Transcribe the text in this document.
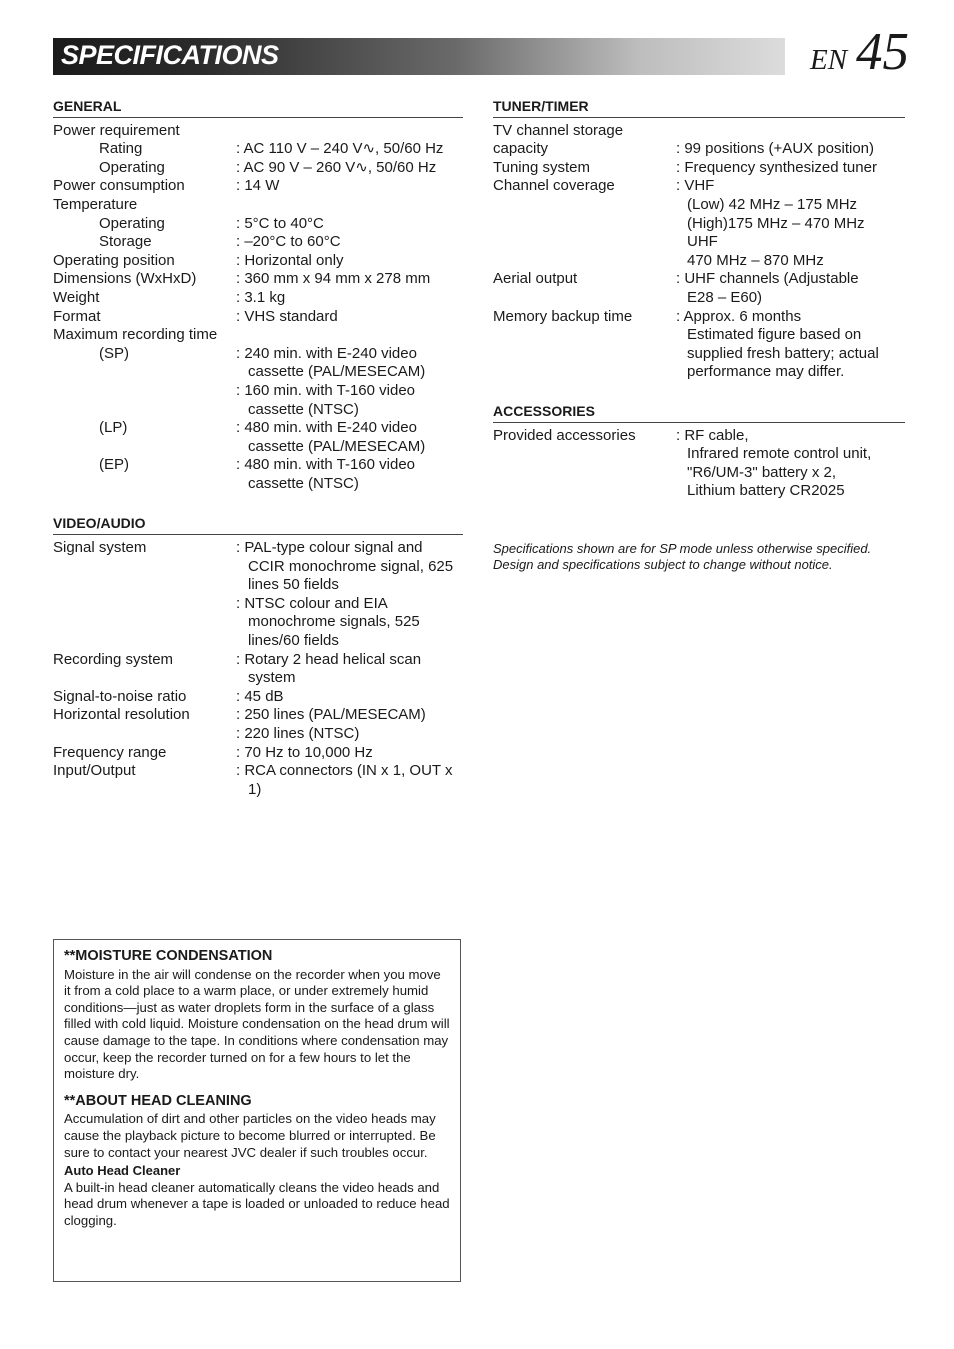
SPECIFICATIONS	EN 45
GENERAL
Power requirement
Rating	: AC 110 V – 240 V∿, 50/60 Hz
Operating	: AC 90 V – 260 V∿, 50/60 Hz
Power consumption	: 14 W
Temperature
Operating	: 5°C to 40°C
Storage	: –20°C to 60°C
Operating position	: Horizontal only
Dimensions (WxHxD)	: 360 mm x 94 mm x 278 mm
Weight	: 3.1 kg
Format	: VHS standard
Maximum recording time
(SP)	: 240 min. with E-240 video cassette (PAL/MESECAM)
: 160 min. with T-160 video cassette (NTSC)
(LP)	: 480 min. with E-240 video cassette (PAL/MESECAM)
(EP)	: 480 min. with T-160 video cassette (NTSC)
VIDEO/AUDIO
Signal system	: PAL-type colour signal and CCIR monochrome signal, 625 lines 50 fields
: NTSC colour and EIA monochrome signals, 525 lines/60 fields
Recording system	: Rotary 2 head helical scan system
Signal-to-noise ratio	: 45 dB
Horizontal resolution	: 250 lines (PAL/MESECAM)
: 220 lines (NTSC)
Frequency range	: 70 Hz to 10,000 Hz
Input/Output	: RCA connectors (IN x 1, OUT x 1)
TUNER/TIMER
TV channel storage
capacity	: 99 positions (+AUX position)
Tuning system	: Frequency synthesized tuner
Channel coverage	: VHF
(Low) 42 MHz – 175 MHz
(High)175 MHz – 470 MHz
UHF
470 MHz – 870 MHz
Aerial output	: UHF channels (Adjustable
E28 – E60)
Memory backup time	: Approx. 6 months
Estimated figure based on
supplied fresh battery; actual
performance may differ.
ACCESSORIES
Provided accessories	: RF cable,
Infrared remote control unit,
"R6/UM-3" battery x 2,
Lithium battery CR2025
Specifications shown are for SP mode unless otherwise specified.
Design and specifications subject to change without notice.
**MOISTURE CONDENSATION
Moisture in the air will condense on the recorder when you move it from a cold place to a warm place, or under extremely humid conditions—just as water droplets form in the surface of a glass filled with cold liquid. Moisture condensation on the head drum will cause damage to the tape. In conditions where condensation may occur, keep the recorder turned on for a few hours to let the moisture dry.
**ABOUT HEAD CLEANING
Accumulation of dirt and other particles on the video heads may cause the playback picture to become blurred or interrupted. Be sure to contact your nearest JVC dealer if such troubles occur.
Auto Head Cleaner
A built-in head cleaner automatically cleans the video heads and head drum whenever a tape is loaded or unloaded to reduce head clogging.
